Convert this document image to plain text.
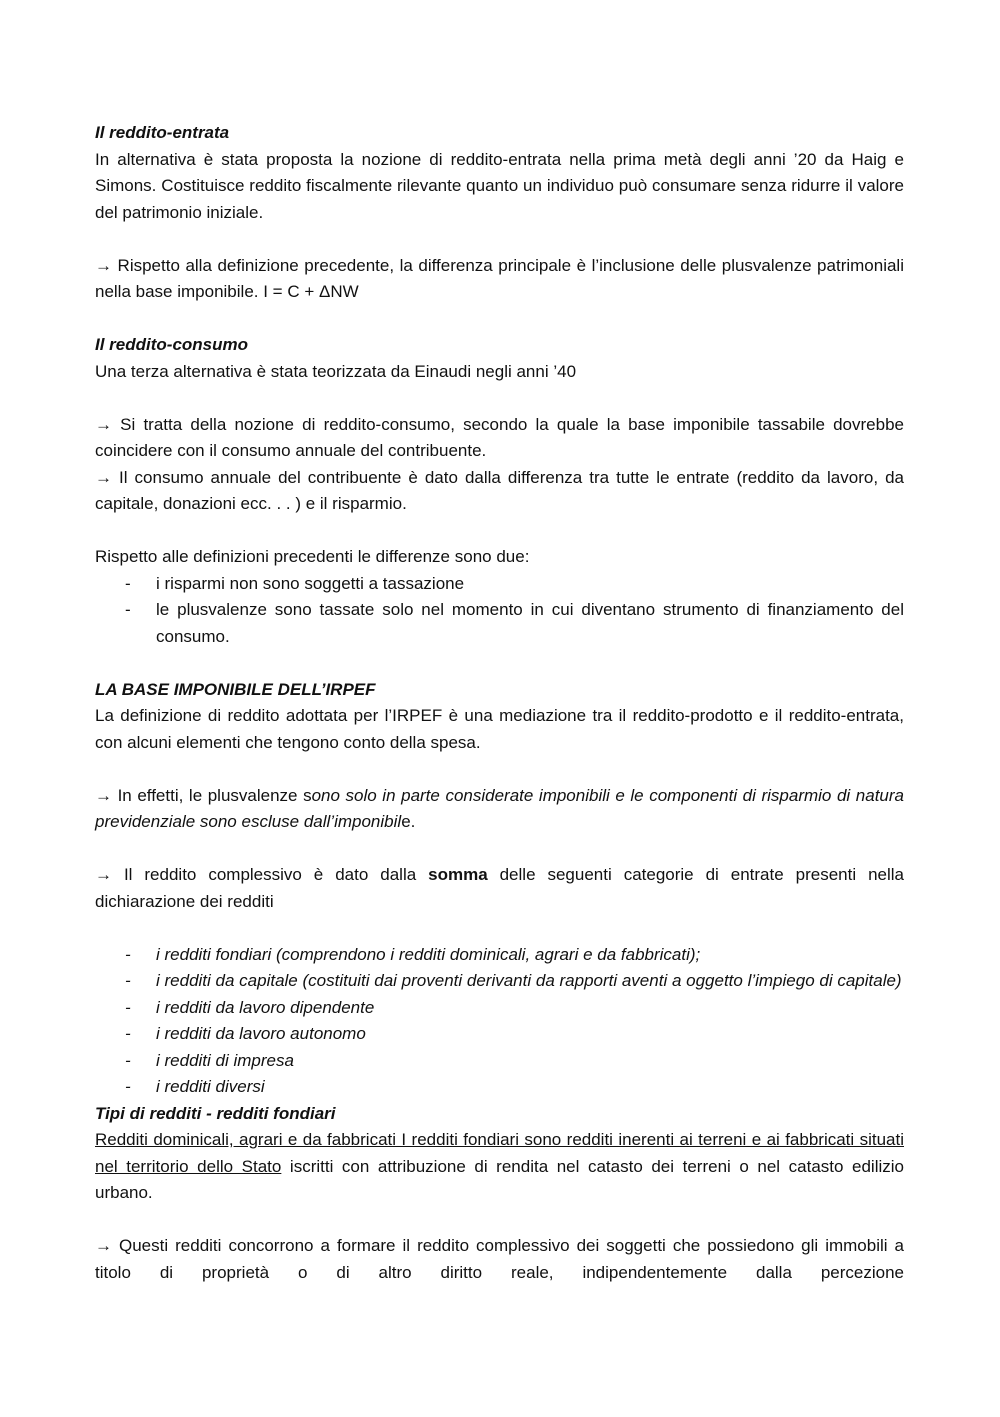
Il reddito-entrata

In alternativa è stata proposta la nozione di reddito-entrata nella prima metà degli anni ’20 da Haig e Simons. Costituisce reddito fiscalmente rilevante quanto un individuo può consumare senza ridurre il valore del patrimonio iniziale.

→ Rispetto alla definizione precedente, la differenza principale è l’inclusione delle plusvalenze patrimoniali nella base imponibile. I = C + ΔNW

Il reddito-consumo

Una terza alternativa è stata teorizzata da Einaudi negli anni ’40

→ Si tratta della nozione di reddito-consumo, secondo la quale la base imponibile tassabile dovrebbe coincidere con il consumo annuale del contribuente.

→ Il consumo annuale del contribuente è dato dalla differenza tra tutte le entrate (reddito da lavoro, da capitale, donazioni ecc. . . ) e il risparmio.

Rispetto alle definizioni precedenti le differenze sono due:

- i risparmi non sono soggetti a tassazione
- le plusvalenze sono tassate solo nel momento in cui diventano strumento di finanziamento del consumo.

LA BASE IMPONIBILE DELL’IRPEF

La definizione di reddito adottata per l’IRPEF è una mediazione tra il reddito-prodotto e il reddito-entrata, con alcuni elementi che tengono conto della spesa.

→ In effetti, le plusvalenze sono solo in parte considerate imponibili e le componenti di risparmio di natura previdenziale sono escluse dall’imponibile.

→ Il reddito complessivo è dato dalla somma delle seguenti categorie di entrate presenti nella dichiarazione dei redditi

- i redditi fondiari (comprendono i redditi dominicali, agrari e da fabbricati);
- i redditi da capitale (costituiti dai proventi derivanti da rapporti aventi a oggetto l’impiego di capitale)
- i redditi da lavoro dipendente
- i redditi da lavoro autonomo
- i redditi di impresa
- i redditi diversi

Tipi di redditi - redditi fondiari

Redditi dominicali, agrari e da fabbricati I redditi fondiari sono redditi inerenti ai terreni e ai fabbricati situati nel territorio dello Stato iscritti con attribuzione di rendita nel catasto dei terreni o nel catasto edilizio urbano.

→ Questi redditi concorrono a formare il reddito complessivo dei soggetti che possiedono gli immobili a titolo di proprietà o di altro diritto reale, indipendentemente dalla percezione
